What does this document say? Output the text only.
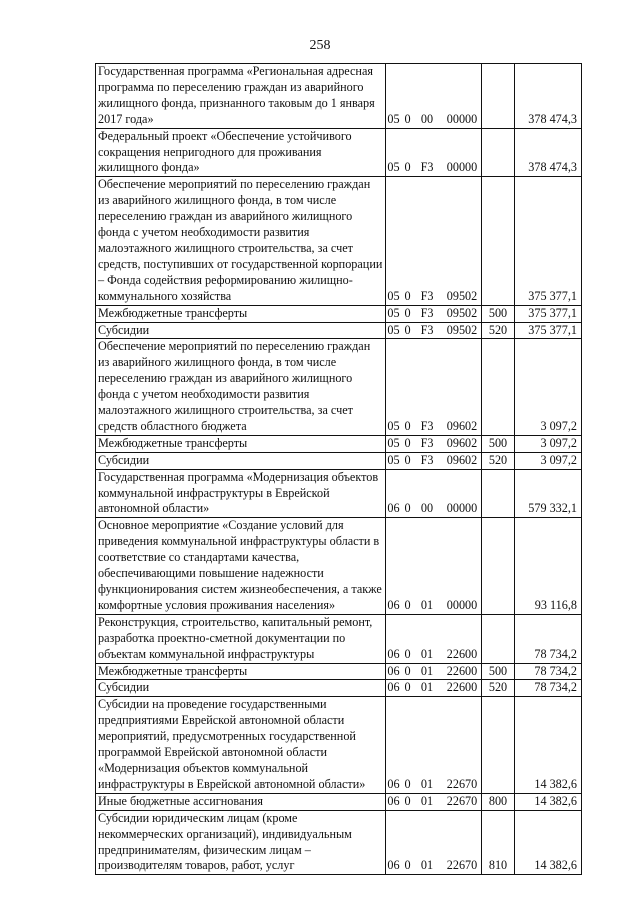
258
Государственная программа «Региональная адресная программа по переселению граждан из аварийного жилищного фонда, признанного таковым до 1 января 2017 года»	05 0 00 00000		378 474,3

Федеральный проект «Обеспечение устойчивого сокращения непригодного для проживания жилищного фонда»	05 0 F3 00000		378 474,3

Обеспечение мероприятий по переселению граждан из аварийного жилищного фонда, в том числе переселению граждан из аварийного жилищного фонда с учетом необходимости развития малоэтажного жилищного строительства, за счет средств, поступивших от государственной корпорации – Фонда содействия реформированию жилищно-коммунального хозяйства	05 0 F3 09502		375 377,1

Межбюджетные трансферты	05 0 F3 09502	500	375 377,1

Субсидии	05 0 F3 09502	520	375 377,1

Обеспечение мероприятий по переселению граждан из аварийного жилищного фонда, в том числе переселению граждан из аварийного жилищного фонда с учетом необходимости развития малоэтажного жилищного строительства, за счет средств областного бюджета	05 0 F3 09602		3 097,2

Межбюджетные трансферты	05 0 F3 09602	500	3 097,2

Субсидии	05 0 F3 09602	520	3 097,2

Государственная программа «Модернизация объектов коммунальной инфраструктуры в Еврейской автономной области»	06 0 00 00000		579 332,1

Основное мероприятие «Создание условий для приведения коммунальной инфраструктуры области в соответствие со стандартами качества, обеспечивающими повышение надежности функционирования систем жизнеобеспечения, а также комфортные условия проживания населения»	06 0 01 00000		93 116,8

Реконструкция, строительство, капитальный ремонт, разработка проектно-сметной документации по объектам коммунальной инфраструктуры	06 0 01 22600		78 734,2

Межбюджетные трансферты	06 0 01 22600	500	78 734,2

Субсидии	06 0 01 22600	520	78 734,2

Субсидии на проведение государственными предприятиями Еврейской автономной области мероприятий, предусмотренных государственной программой Еврейской автономной области «Модернизация объектов коммунальной инфраструктуры в Еврейской автономной области»	06 0 01 22670		14 382,6

Иные бюджетные ассигнования	06 0 01 22670	800	14 382,6

Субсидии юридическим лицам (кроме некоммерческих организаций), индивидуальным предпринимателям, физическим лицам – производителям товаров, работ, услуг	06 0 01 22670	810	14 382,6
